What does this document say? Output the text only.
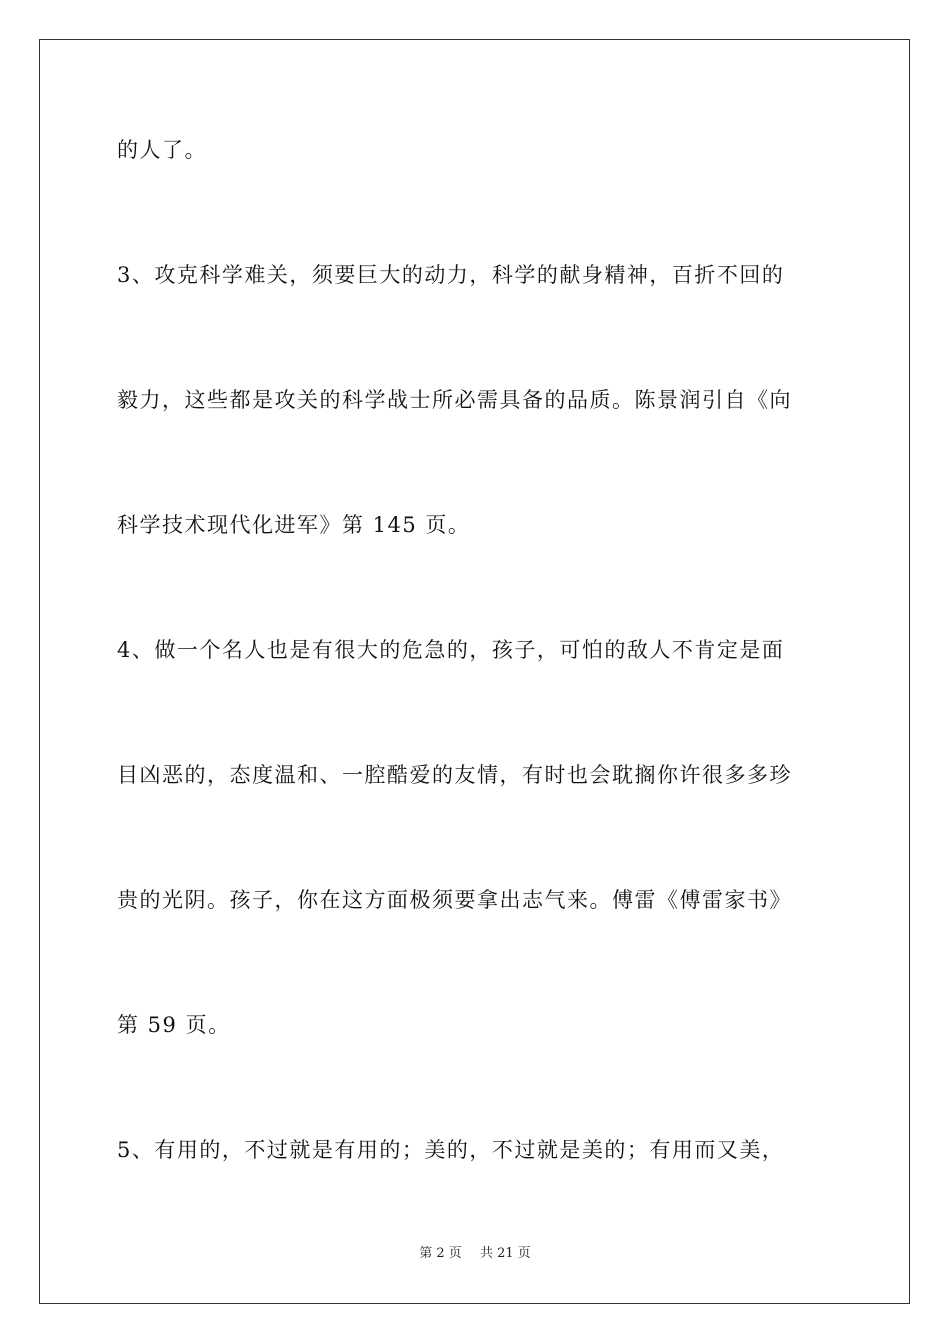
的人了。
3、攻克科学难关，须要巨大的动力，科学的献身精神，百折不回的
毅力，这些都是攻关的科学战士所必需具备的品质。陈景润引自《向
科学技术现代化进军》第 145 页。
4、做一个名人也是有很大的危急的，孩子，可怕的敌人不肯定是面
目凶恶的，态度温和、一腔酷爱的友情，有时也会耽搁你许很多多珍
贵的光阴。孩子，你在这方面极须要拿出志气来。傅雷《傅雷家书》
第 59 页。
5、有用的，不过就是有用的；美的，不过就是美的；有用而又美，
第 2 页 共 21 页
